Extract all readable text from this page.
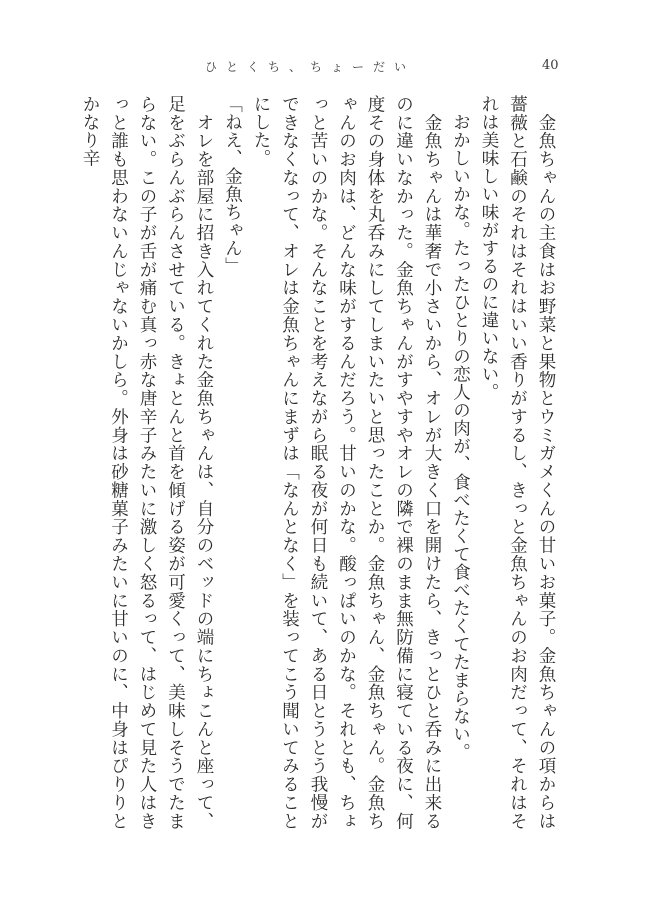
ひとくち、ちょーだい	40

　金魚ちゃんの主食はお野菜と果物とウミガメくんの甘いお菓子。金魚ちゃんの項からは薔薇と石鹸のそれはそれはいい香りがするし、きっと金魚ちゃんのお肉だって、それはそれは美味しい味がするのに違いない。

　おかしいかな。たったひとりの恋人の肉が、食べたくて食べたくてたまらない。

　金魚ちゃんは華奢で小さいから、オレが大きく口を開けたら、きっとひと呑みに出来るのに違いなかった。金魚ちゃんがすやすやオレの隣で裸のまま無防備に寝ている夜に、何度その身体を丸呑みにしてしまいたいと思ったことか。金魚ちゃん、金魚ちゃん。金魚ちゃんのお肉は、どんな味がするんだろう。甘いのかな。酸っぱいのかな。それとも、ちょっと苦いのかな。そんなことを考えながら眠る夜が何日も続いて、ある日とうとう我慢ができなくなって、オレは金魚ちゃんにまずは「なんとなく」を装ってこう聞いてみることにした。

「ねえ、金魚ちゃん」

　オレを部屋に招き入れてくれた金魚ちゃんは、自分のベッドの端にちょこんと座って、足をぶらんぶらんさせている。きょとんと首を傾げる姿が可愛くって、美味しそうでたまらない。この子が舌が痛む真っ赤な唐辛子みたいに激しく怒るって、はじめて見た人はきっと誰も思わないんじゃないかしら。外身は砂糖菓子みたいに甘いのに、中身はぴりりとかなり辛
